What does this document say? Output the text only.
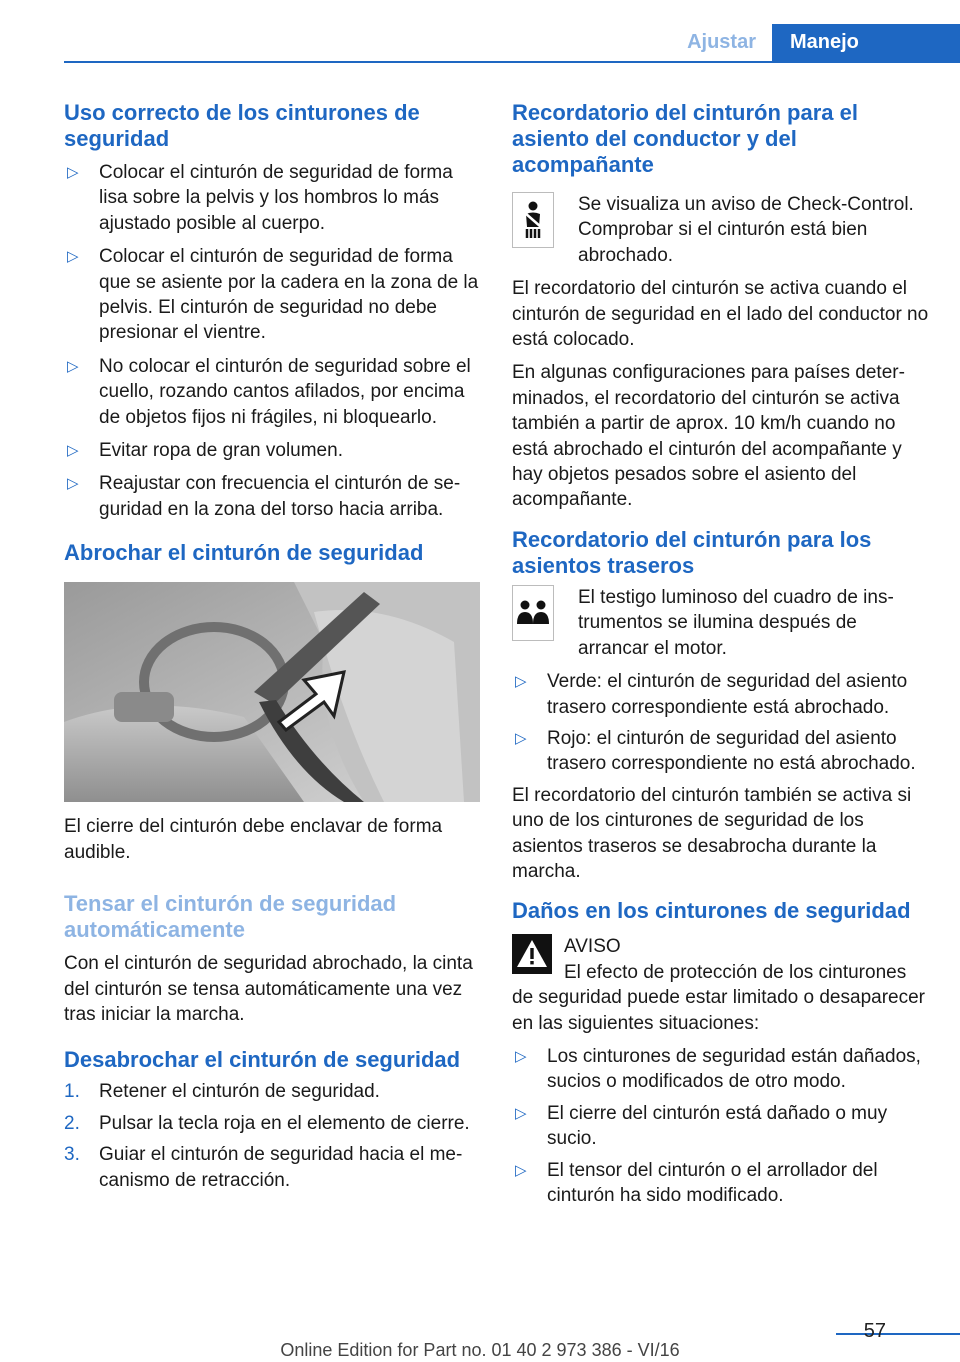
Ajustar	Manejo
Uso correcto de los cinturones de seguridad
▷ Colocar el cinturón de seguridad de forma lisa sobre la pelvis y los hombros lo más ajustado posible al cuerpo.
▷ Colocar el cinturón de seguridad de forma que se asiente por la cadera en la zona de la pelvis. El cinturón de seguridad no debe presionar el vientre.
▷ No colocar el cinturón de seguridad sobre el cuello, rozando cantos afilados, por encima de objetos fijos ni frágiles, ni bloquearlo.
▷ Evitar ropa de gran volumen.
▷ Reajustar con frecuencia el cinturón de seguridad en la zona del torso hacia arriba.
Abrochar el cinturón de seguridad

El cierre del cinturón debe enclavar de forma audible.

Tensar el cinturón de seguridad automáticamente

Con el cinturón de seguridad abrochado, la cinta del cinturón se tensa automáticamente una vez tras iniciar la marcha.

Desabrochar el cinturón de seguridad
1. Retener el cinturón de seguridad.
2. Pulsar la tecla roja en el elemento de cierre.
3. Guiar el cinturón de seguridad hacia el mecanismo de retracción.
Recordatorio del cinturón para el asiento del conductor y del acompañante

Se visualiza un aviso de Check-Control. Comprobar si el cinturón está bien abrochado.

El recordatorio del cinturón se activa cuando el cinturón de seguridad en el lado del conductor no está colocado.

En algunas configuraciones para países determinados, el recordatorio del cinturón se activa también a partir de aprox. 10 km/h cuando no está abrochado el cinturón del acompañante y hay objetos pesados sobre el asiento del acompañante.

Recordatorio del cinturón para los asientos traseros

El testigo luminoso del cuadro de instrumentos se ilumina después de arrancar el motor.

▷ Verde: el cinturón de seguridad del asiento trasero correspondiente está abrochado.
▷ Rojo: el cinturón de seguridad del asiento trasero correspondiente no está abrochado.

El recordatorio del cinturón también se activa si uno de los cinturones de seguridad de los asientos traseros se desabrocha durante la marcha.

Daños en los cinturones de seguridad

AVISO

El efecto de protección de los cinturones de seguridad puede estar limitado o desaparecer en las siguientes situaciones:

▷ Los cinturones de seguridad están dañados, sucios o modificados de otro modo.
▷ El cierre del cinturón está dañado o muy sucio.
▷ El tensor del cinturón o el arrollador del cinturón ha sido modificado.
57
Online Edition for Part no. 01 40 2 973 386 - VI/16
